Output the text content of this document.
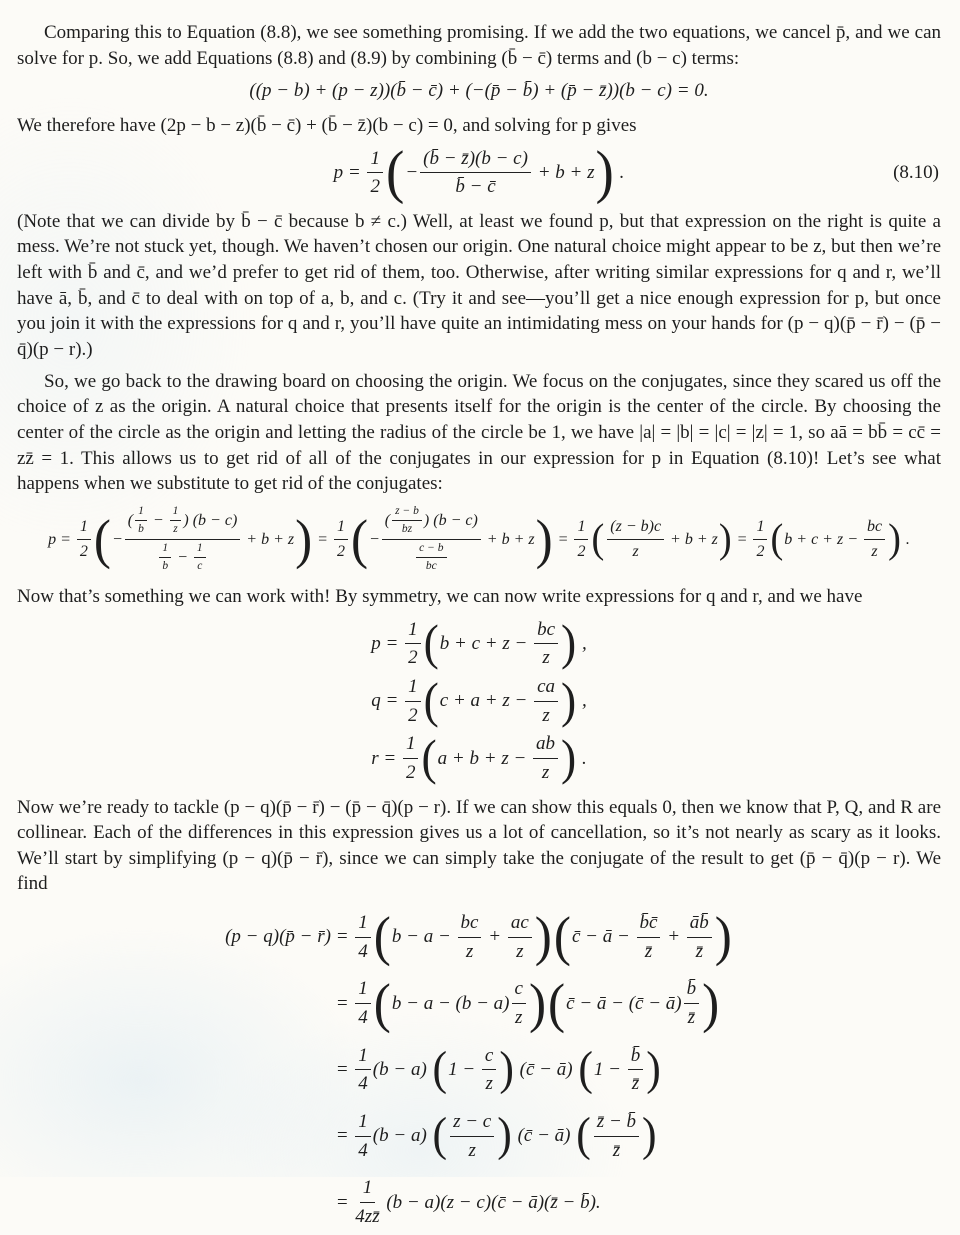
Comparing this to Equation (8.8), we see something promising. If we add the two equations, we cancel p̄, and we can solve for p. So, we add Equations (8.8) and (8.9) by combining (b̄ − c̄) terms and (b − c) terms:

((p − b) + (p − z))(b̄ − c̄) + (−(p̄ − b̄) + (p̄ − z̄))(b − c) = 0.

We therefore have (2p − b − z)(b̄ − c̄) + (b̄ − z̄)(b − c) = 0, and solving for p gives

$p = \frac{1}{2}$ ( − $\frac{(b̄ - z̄)(b - c)}{b̄ - c̄} + b + z$ ) .	(8.10)

(Note that we can divide by b̄ − c̄ because b ≠ c.) Well, at least we found p, but that expression on the right is quite a mess. We’re not stuck yet, though. We haven’t chosen our origin. One natural choice might appear to be z, but then we’re left with b̄ and c̄, and we’d prefer to get rid of them, too. Otherwise, after writing similar expressions for q and r, we’ll have ā, b̄, and c̄ to deal with on top of a, b, and c. (Try it and see—you’ll get a nice enough expression for p, but once you join it with the expressions for q and r, you’ll have quite an intimidating mess on your hands for (p − q)(p̄ − r̄) − (p̄ − q̄)(p − r).)

So, we go back to the drawing board on choosing the origin. We focus on the conjugates, since they scared us off the choice of z as the origin. A natural choice that presents itself for the origin is the center of the circle. By choosing the center of the circle as the origin and letting the radius of the circle be 1, we have |a| = |b| = |c| = |z| = 1, so aā = bb̄ = cc̄ = zz̄ = 1. This allows us to get rid of all of the conjugates in our expression for p in Equation (8.10)! Let’s see what happens when we substitute to get rid of the conjugates:

$p = \frac{1}{2}$ ( − $\frac{( \frac{1}{b} - \frac{1}{z} ) (b - c)}{\frac{1}{b} - \frac{1}{c}} + b + z$ ) = $\frac{1}{2}$ ( − $\frac{( \frac{z - b}{bz} ) (b - c)}{\frac{c - b}{bc}} + b + z$ ) = $\frac{1}{2}$ ( $\frac{(z - b)c}{z} + b + z$ ) = $\frac{1}{2}$ ( $b + c + z - \frac{bc}{z}$ ) .

Now that’s something we can work with! By symmetry, we can now write expressions for q and r, and we have

$p = \frac{1}{2}$ ( $b + c + z - \frac{bc}{z}$ ) ,
$q = \frac{1}{2}$ ( $c + a + z - \frac{ca}{z}$ ) ,
$r = \frac{1}{2}$ ( $a + b + z - \frac{ab}{z}$ ) .

Now we’re ready to tackle (p − q)(p̄ − r̄) − (p̄ − q̄)(p − r). If we can show this equals 0, then we know that P, Q, and R are collinear. Each of the differences in this expression gives us a lot of cancellation, so it’s not nearly as scary as it looks. We’ll start by simplifying (p − q)(p̄ − r̄), since we can simply take the conjugate of the result to get (p̄ − q̄)(p − r). We find

(p − q)(p̄ − r̄)	= $\frac{1}{4}$ ( $b - a - \frac{bc}{z} + \frac{ac}{z}$ ) ( c̄ − ā − $\frac{b̄c̄}{z̄} + \frac{āb̄}{z̄}$ )

= $\frac{1}{4}$ ( $b - a - (b - a) \frac{c}{z}$ ) ( c̄ − ā − (c̄ − ā) $\frac{b̄}{z̄}$ )

= $\frac{1}{4} (b - a)$ ( $1 - \frac{c}{z}$ ) (c̄ − ā) ( $1 - \frac{b̄}{z̄}$ )

= $\frac{1}{4} (b - a)$ ( $\frac{z - c}{z}$ ) (c̄ − ā) ( $\frac{z̄ - b̄}{z̄}$ )

= $\frac{1}{4zz̄} (b - a)(z$ − c)(c̄ − ā)(z̄ − b̄).
